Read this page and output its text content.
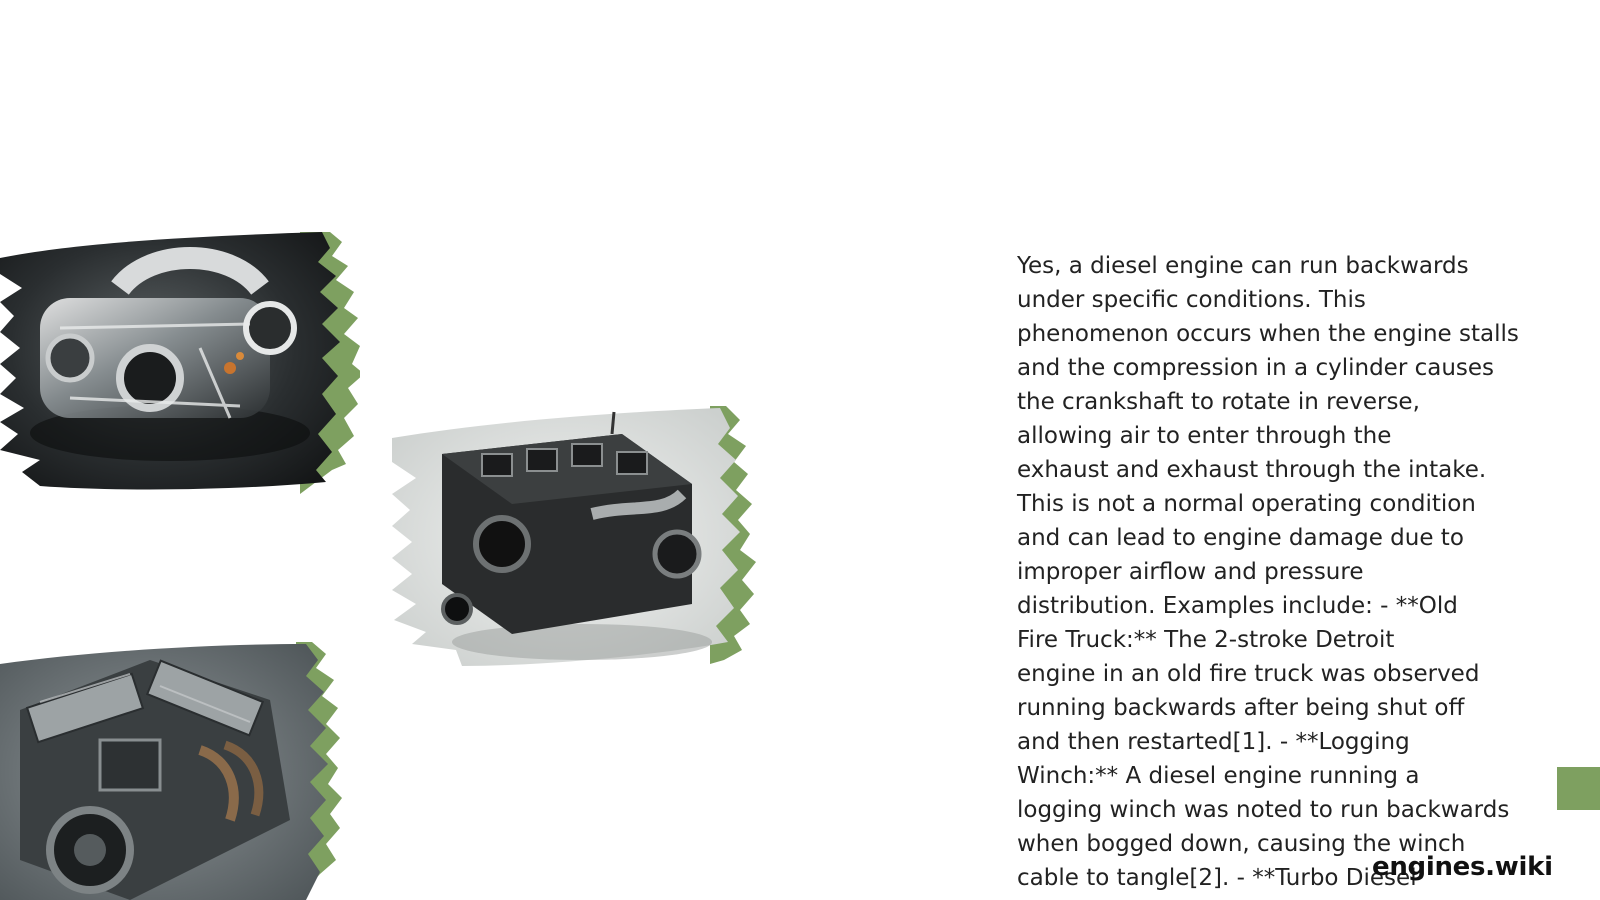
Yes, a diesel engine can run backwards
under specific conditions. This
phenomenon occurs when the engine stalls
and the compression in a cylinder causes
the crankshaft to rotate in reverse,
allowing air to enter through the
exhaust and exhaust through the intake.
This is not a normal operating condition
and can lead to engine damage due to
improper airflow and pressure
distribution. Examples include: - **Old
Fire Truck:** The 2-stroke Detroit
engine in an old fire truck was observed
running backwards after being shut off
and then restarted[1]. - **Logging
Winch:** A diesel engine running a
logging winch was noted to run backwards
when bogged down, causing the winch
cable to tangle[2]. - **Turbo Diesel

engines.wiki
